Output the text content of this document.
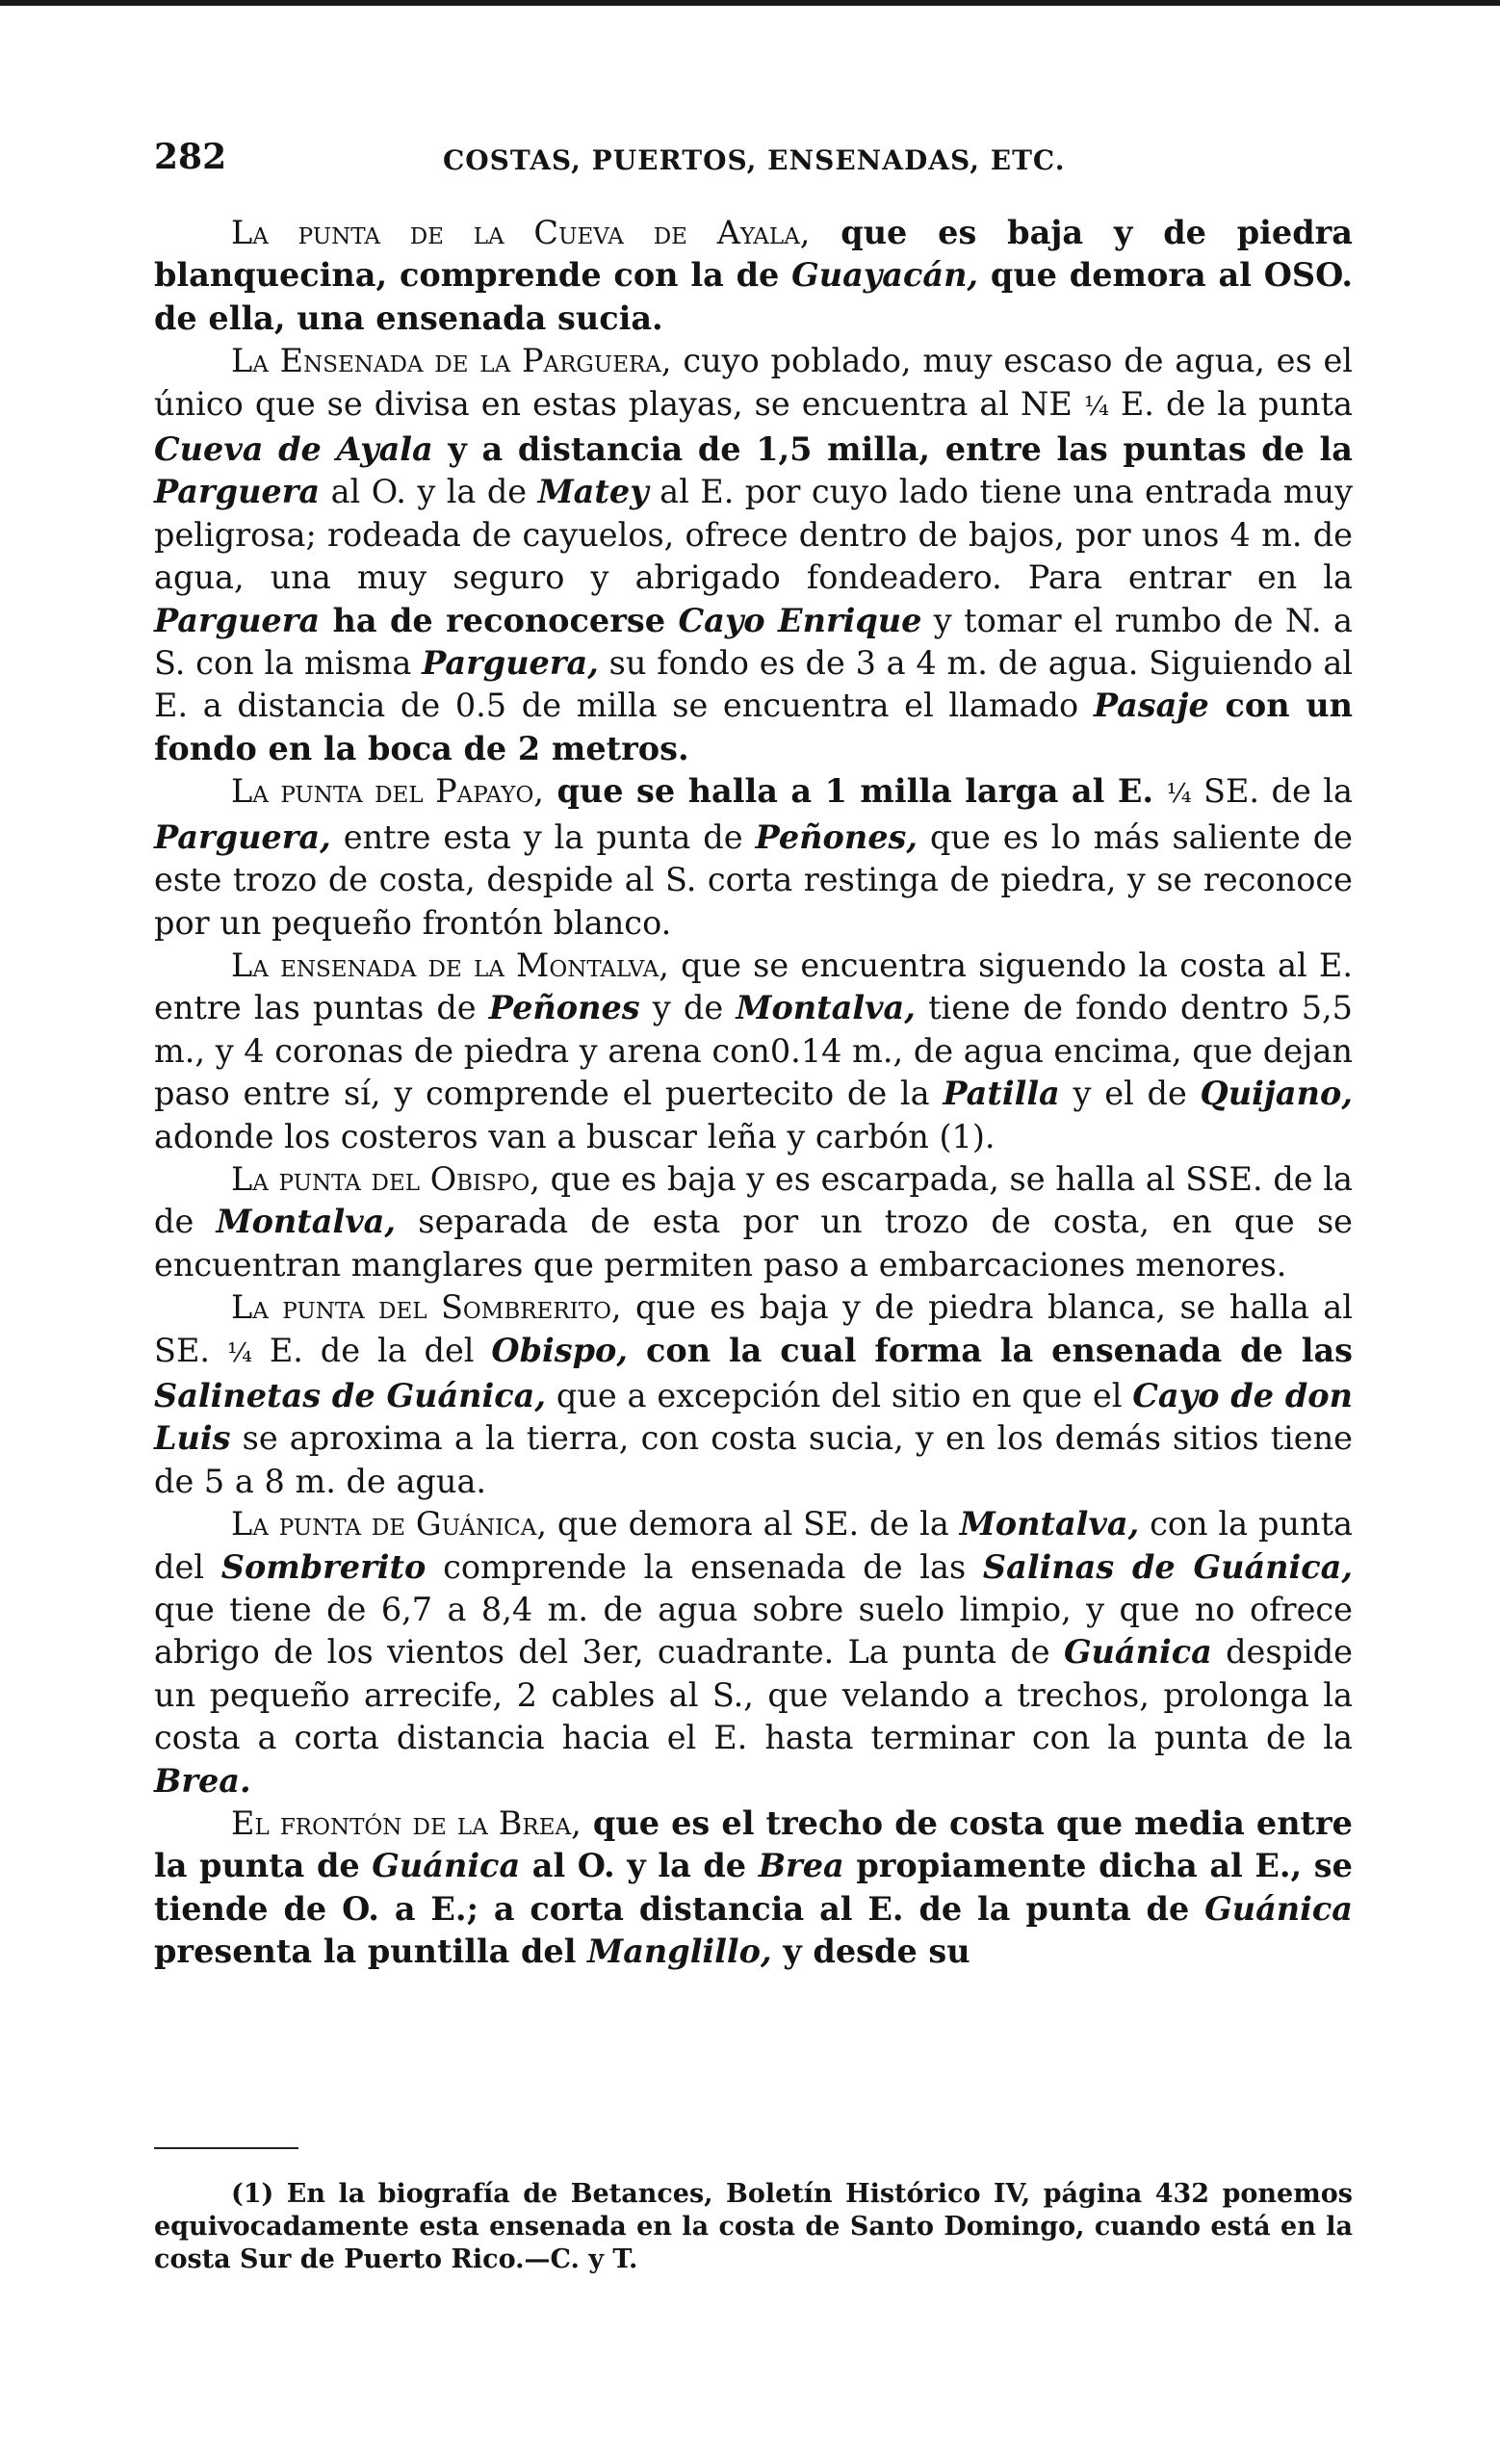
282	COSTAS, PUERTOS, ENSENADAS, ETC.

La punta de la Cueva de Ayala, que es baja y de piedra blanquecina, comprende con la de Guayacán, que demora al OSO. de ella, una ensenada sucia.

La Ensenada de la Parguera, cuyo poblado, muy escaso de agua, es el único que se divisa en estas playas, se encuentra al NE ¼ E. de la punta Cueva de Ayala y a distancia de 1,5 milla, entre las puntas de la Parguera al O. y la de Matey al E. por cuyo lado tiene una entrada muy peligrosa; rodeada de cayuelos, ofrece dentro de bajos, por unos 4 m. de agua, una muy seguro y abrigado fondeadero. Para entrar en la Parguera ha de reconocerse Cayo Enrique y tomar el rumbo de N. a S. con la misma Parguera, su fondo es de 3 a 4 m. de agua. Siguiendo al E. a distancia de 0.5 de milla se encuentra el llamado Pasaje con un fondo en la boca de 2 metros.

La punta del Papayo, que se halla a 1 milla larga al E. ¼ SE. de la Parguera, entre esta y la punta de Peñones, que es lo más saliente de este trozo de costa, despide al S. corta restinga de piedra, y se reconoce por un pequeño frontón blanco.

La ensenada de la Montalva, que se encuentra siguendo la costa al E. entre las puntas de Peñones y de Montalva, tiene de fondo dentro 5,5 m., y 4 coronas de piedra y arena con0.14 m., de agua encima, que dejan paso entre sí, y comprende el puertecito de la Patilla y el de Quijano, adonde los costeros van a buscar leña y carbón (1).

La punta del Obispo, que es baja y es escarpada, se halla al SSE. de la de Montalva, separada de esta por un trozo de costa, en que se encuentran manglares que permiten paso a embarcaciones menores.

La punta del Sombrerito, que es baja y de piedra blanca, se halla al SE. ¼ E. de la del Obispo, con la cual forma la ensenada de las Salinetas de Guánica, que a excepción del sitio en que el Cayo de don Luis se aproxima a la tierra, con costa sucia, y en los demás sitios tiene de 5 a 8 m. de agua.

La punta de Guánica, que demora al SE. de la Montalva, con la punta del Sombrerito comprende la ensenada de las Salinas de Guánica, que tiene de 6,7 a 8,4 m. de agua sobre suelo limpio, y que no ofrece abrigo de los vientos del 3er, cuadrante. La punta de Guánica despide un pequeño arrecife, 2 cables al S., que velando a trechos, prolonga la costa a corta distancia hacia el E. hasta terminar con la punta de la Brea.

El frontón de la Brea, que es el trecho de costa que media entre la punta de Guánica al O. y la de Brea propiamente dicha al E., se tiende de O. a E.; a corta distancia al E. de la punta de Guánica presenta la puntilla del Manglillo, y desde su

(1) En la biografía de Betances, Boletín Histórico IV, página 432 ponemos equivocadamente esta ensenada en la costa de Santo Domingo, cuando está en la costa Sur de Puerto Rico.—C. y T.
